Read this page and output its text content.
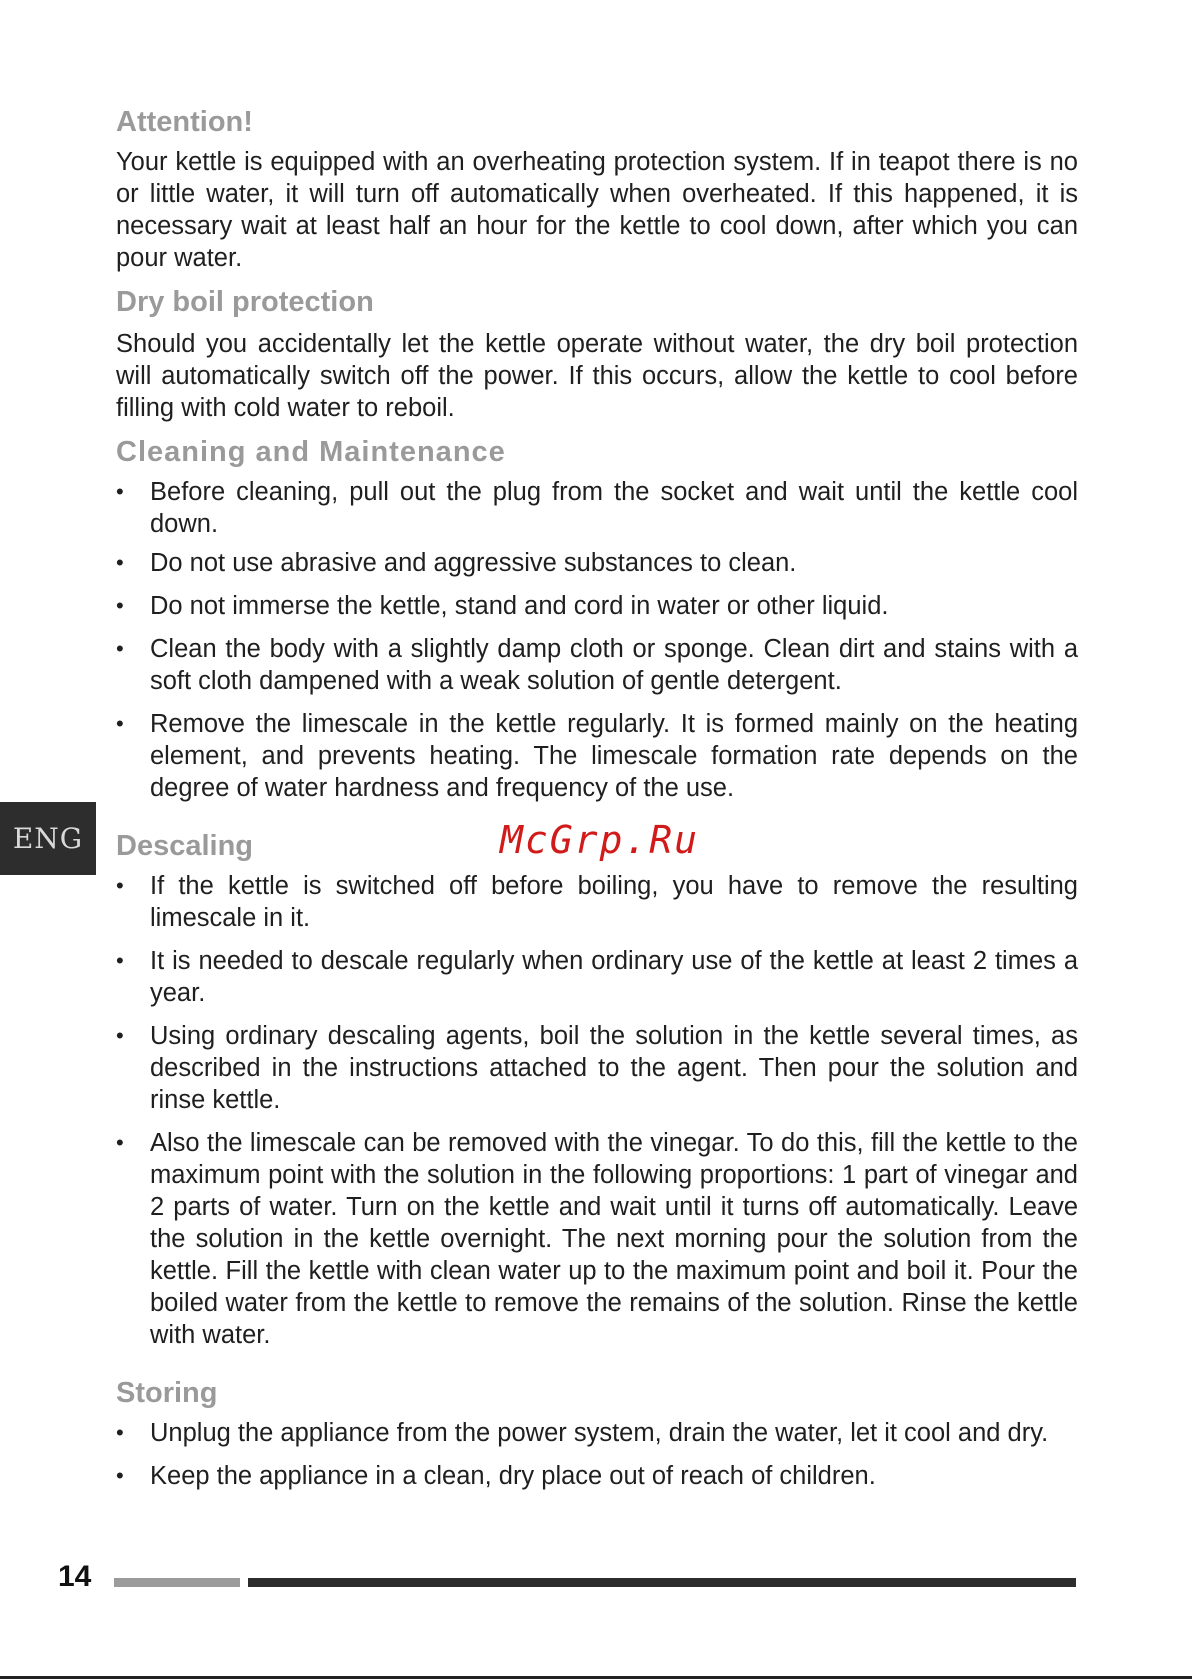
Attention!

Your kettle is equipped with an overheating protection system. If in teapot there is no or little water, it will turn off automatically when overheated. If this happened, it is necessary wait at least half an hour for the kettle to cool down, after which you can pour water.

Dry boil protection

Should you accidentally let the kettle operate without water, the dry boil protection will automatically switch off the power. If this occurs, allow the kettle to cool before filling with cold water to reboil.

Cleaning and Maintenance
•	Before cleaning, pull out the plug from the socket and wait until the kettle cool down.
•	Do not use abrasive and aggressive substances to clean.
•	Do not immerse the kettle, stand and cord in water or other liquid.
•	Clean the body with a slightly damp cloth or sponge. Clean dirt and stains with a soft cloth dampened with a weak solution of gentle detergent.
•	Remove the limescale in the kettle regularly. It is formed mainly on the heating element, and prevents heating. The limescale formation rate depends on the degree of water hardness and frequency of the use.
Descaling
•	If the kettle is switched off before boiling, you have to remove the resulting limescale in it.
•	It is needed to descale regularly when ordinary use of the kettle at least 2 times a year.
•	Using ordinary descaling agents, boil the solution in the kettle several times, as described in the instructions attached to the agent. Then pour the solution and rinse kettle.
•	Also the limescale can be removed with the vinegar. To do this, fill the kettle to the maximum point with the solution in the following proportions: 1 part of vinegar and 2 parts of water. Turn on the kettle and wait until it turns off automatically. Leave the solution in the kettle overnight. The next morning pour the solution from the kettle. Fill the kettle with clean water up to the maximum point and boil it. Pour the boiled water from the kettle to remove the remains of the solution. Rinse the kettle with water.
Storing
•	Unplug the appliance from the power system, drain the water, let it cool and dry.
•	Keep the appliance in a clean, dry place out of reach of children.
ENG	McGrp.Ru
14
